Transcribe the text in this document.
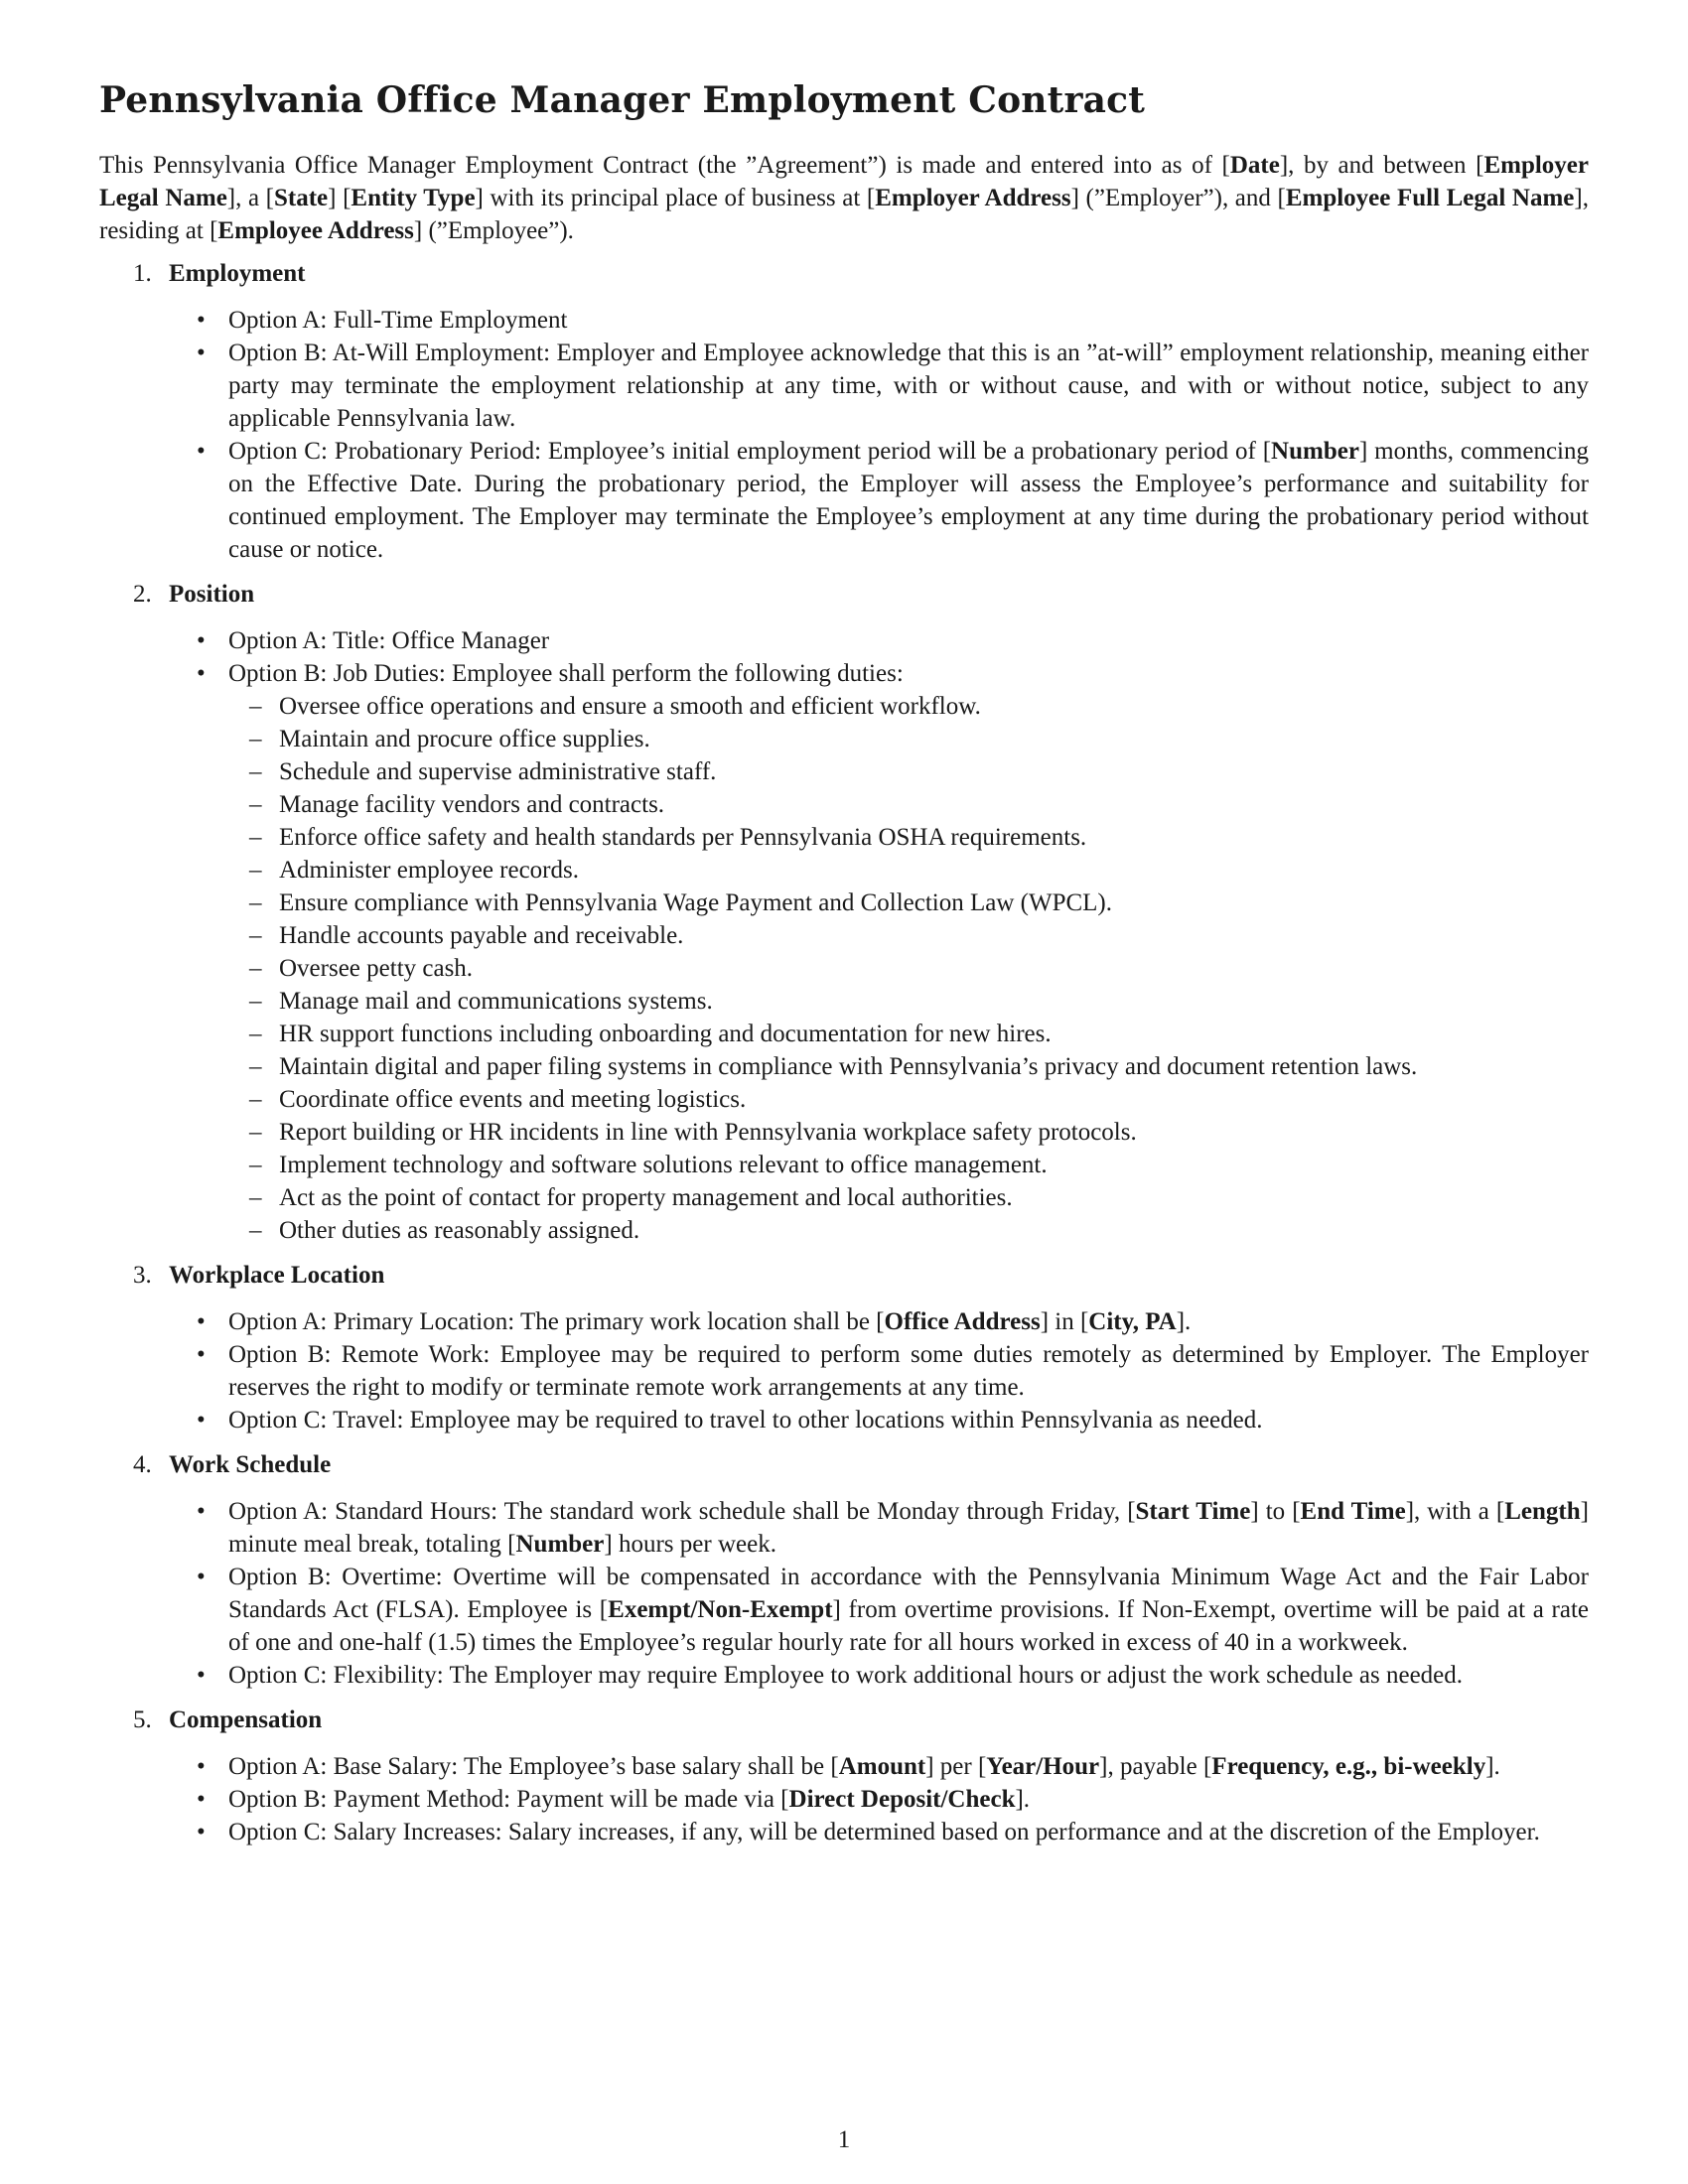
Pennsylvania Office Manager Employment Contract

This Pennsylvania Office Manager Employment Contract (the ”Agreement”) is made and entered into as of [Date], by and between [Employer Legal Name], a [State] [Entity Type] with its principal place of business at [Employer Address] (”Employer”), and [Employee Full Legal Name], residing at [Employee Address] (”Employee”).

1. Employment
• Option A: Full-Time Employment
• Option B: At-Will Employment: Employer and Employee acknowledge that this is an ”at-will” employment relationship, meaning either party may terminate the employment relationship at any time, with or without cause, and with or without notice, subject to any applicable Pennsylvania law.
• Option C: Probationary Period: Employee’s initial employment period will be a probationary period of [Number] months, commencing on the Effective Date. During the probationary period, the Employer will assess the Employee’s performance and suitability for continued employment. The Employer may terminate the Employee’s employment at any time during the probationary period without cause or notice.
2. Position
• Option A: Title: Office Manager
• Option B: Job Duties: Employee shall perform the following duties:
– Oversee office operations and ensure a smooth and efficient workflow.
– Maintain and procure office supplies.
– Schedule and supervise administrative staff.
– Manage facility vendors and contracts.
– Enforce office safety and health standards per Pennsylvania OSHA requirements.
– Administer employee records.
– Ensure compliance with Pennsylvania Wage Payment and Collection Law (WPCL).
– Handle accounts payable and receivable.
– Oversee petty cash.
– Manage mail and communications systems.
– HR support functions including onboarding and documentation for new hires.
– Maintain digital and paper filing systems in compliance with Pennsylvania’s privacy and document retention laws.
– Coordinate office events and meeting logistics.
– Report building or HR incidents in line with Pennsylvania workplace safety protocols.
– Implement technology and software solutions relevant to office management.
– Act as the point of contact for property management and local authorities.
– Other duties as reasonably assigned.
3. Workplace Location
• Option A: Primary Location: The primary work location shall be [Office Address] in [City, PA].
• Option B: Remote Work: Employee may be required to perform some duties remotely as determined by Employer. The Employer reserves the right to modify or terminate remote work arrangements at any time.
• Option C: Travel: Employee may be required to travel to other locations within Pennsylvania as needed.
4. Work Schedule
• Option A: Standard Hours: The standard work schedule shall be Monday through Friday, [Start Time] to [End Time], with a [Length] minute meal break, totaling [Number] hours per week.
• Option B: Overtime: Overtime will be compensated in accordance with the Pennsylvania Minimum Wage Act and the Fair Labor Standards Act (FLSA). Employee is [Exempt/Non-Exempt] from overtime provisions. If Non-Exempt, overtime will be paid at a rate of one and one-half (1.5) times the Employee’s regular hourly rate for all hours worked in excess of 40 in a workweek.
• Option C: Flexibility: The Employer may require Employee to work additional hours or adjust the work schedule as needed.
5. Compensation
• Option A: Base Salary: The Employee’s base salary shall be [Amount] per [Year/Hour], payable [Frequency, e.g., bi-weekly].
• Option B: Payment Method: Payment will be made via [Direct Deposit/Check].
• Option C: Salary Increases: Salary increases, if any, will be determined based on performance and at the discretion of the Employer.
1
